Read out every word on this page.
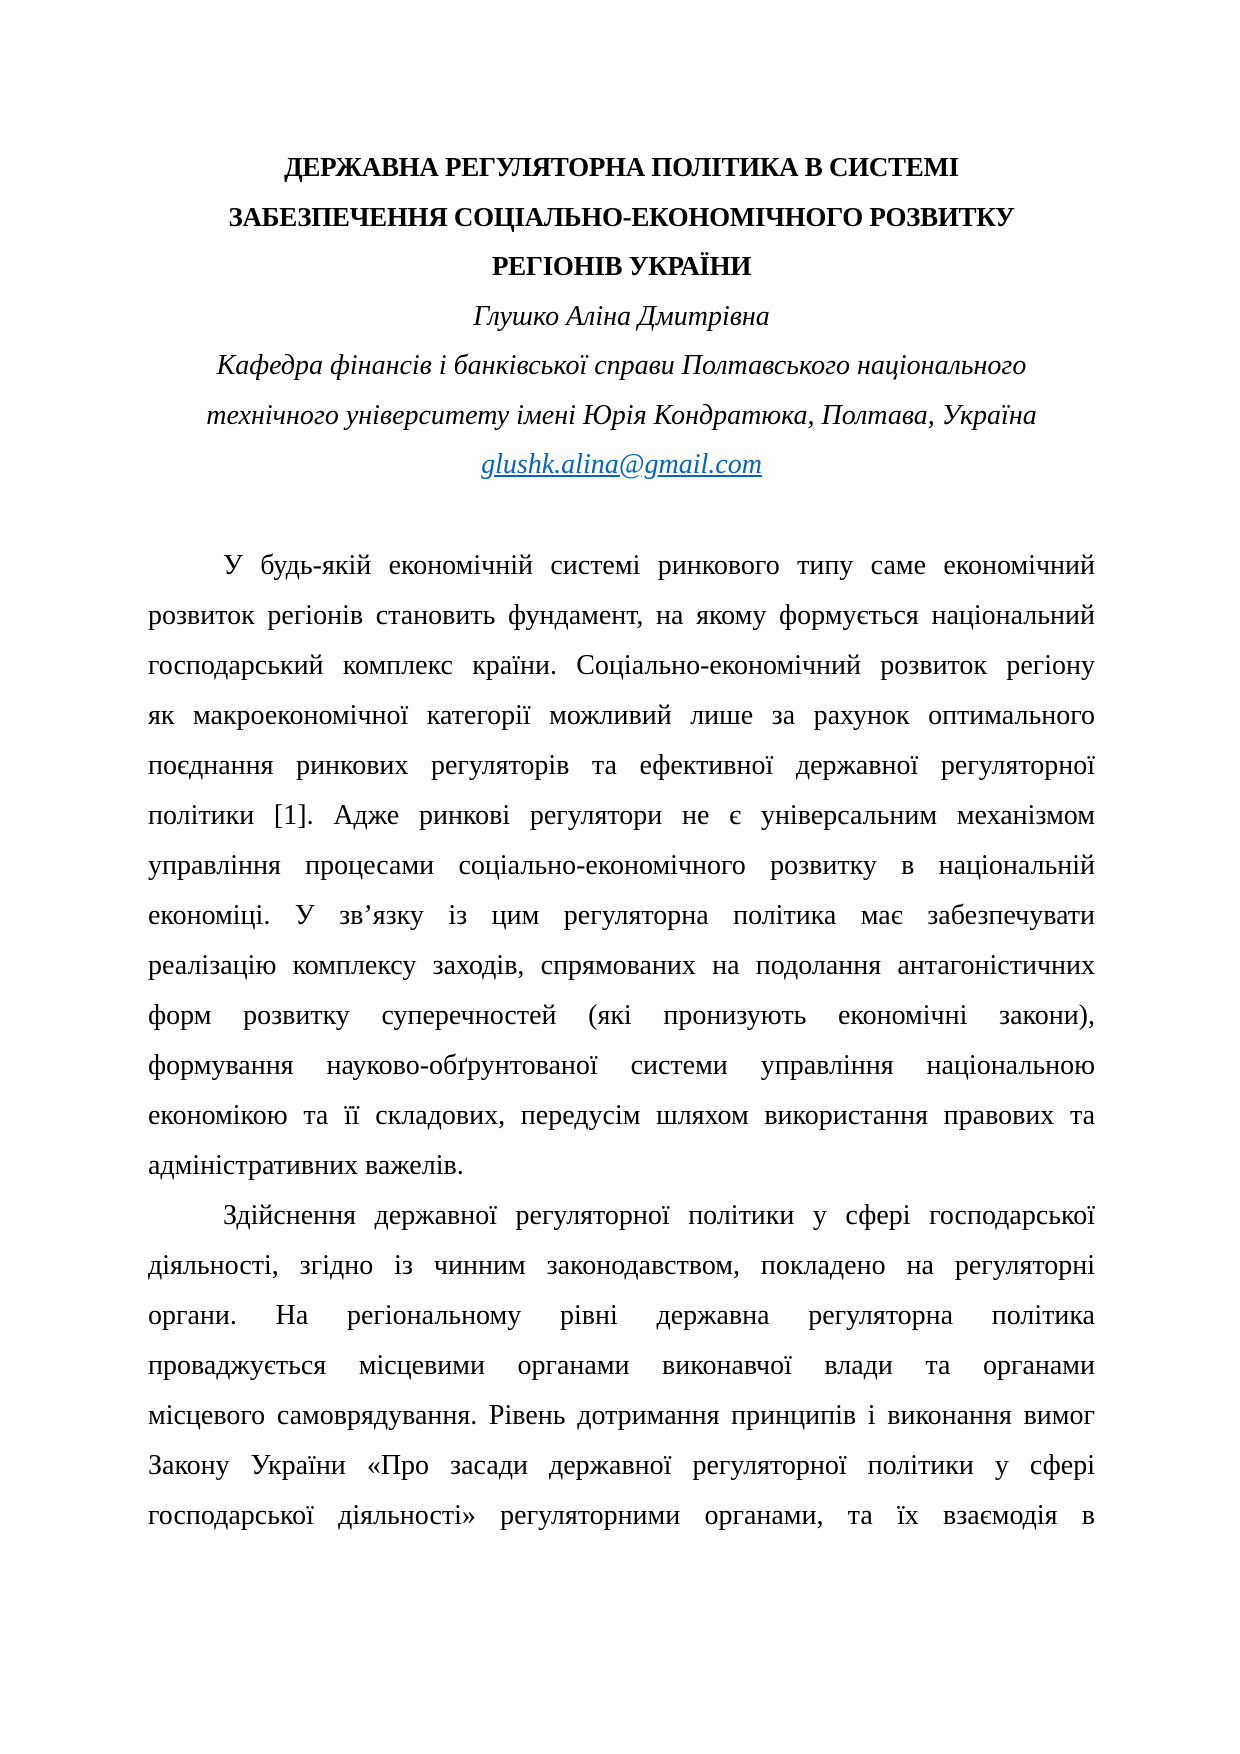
ДЕРЖАВНА РЕГУЛЯТОРНА ПОЛІТИКА В СИСТЕМІ
ЗАБЕЗПЕЧЕННЯ СОЦІАЛЬНО-ЕКОНОМІЧНОГО РОЗВИТКУ
РЕГІОНІВ УКРАЇНИ
Глушко Аліна Дмитрівна
Кафедра фінансів і банківської справи Полтавського національного
технічного університету імені Юрія Кондратюка, Полтава, Україна
glushk.alina@gmail.com

У будь-якій економічній системі ринкового типу саме економічний
розвиток регіонів становить фундамент, на якому формується національний
господарський комплекс країни. Соціально-економічний розвиток регіону
як макроекономічної категорії можливий лише за рахунок оптимального
поєднання ринкових регуляторів та ефективної державної регуляторної
політики [1]. Адже ринкові регулятори не є універсальним механізмом
управління процесами соціально-економічного розвитку в національній
економіці. У зв’язку із цим регуляторна політика має забезпечувати
реалізацію комплексу заходів, спрямованих на подолання антагоністичних
форм розвитку суперечностей (які пронизують економічні закони),
формування науково-обґрунтованої системи управління національною
економікою та її складових, передусім шляхом використання правових та
адміністративних важелів.

Здійснення державної регуляторної політики у сфері господарської
діяльності, згідно із чинним законодавством, покладено на регуляторні
органи. На регіональному рівні державна регуляторна політика
проваджується місцевими органами виконавчої влади та органами
місцевого самоврядування. Рівень дотримання принципів і виконання вимог
Закону України «Про засади державної регуляторної політики у сфері
господарської діяльності» регуляторними органами, та їх взаємодія в
